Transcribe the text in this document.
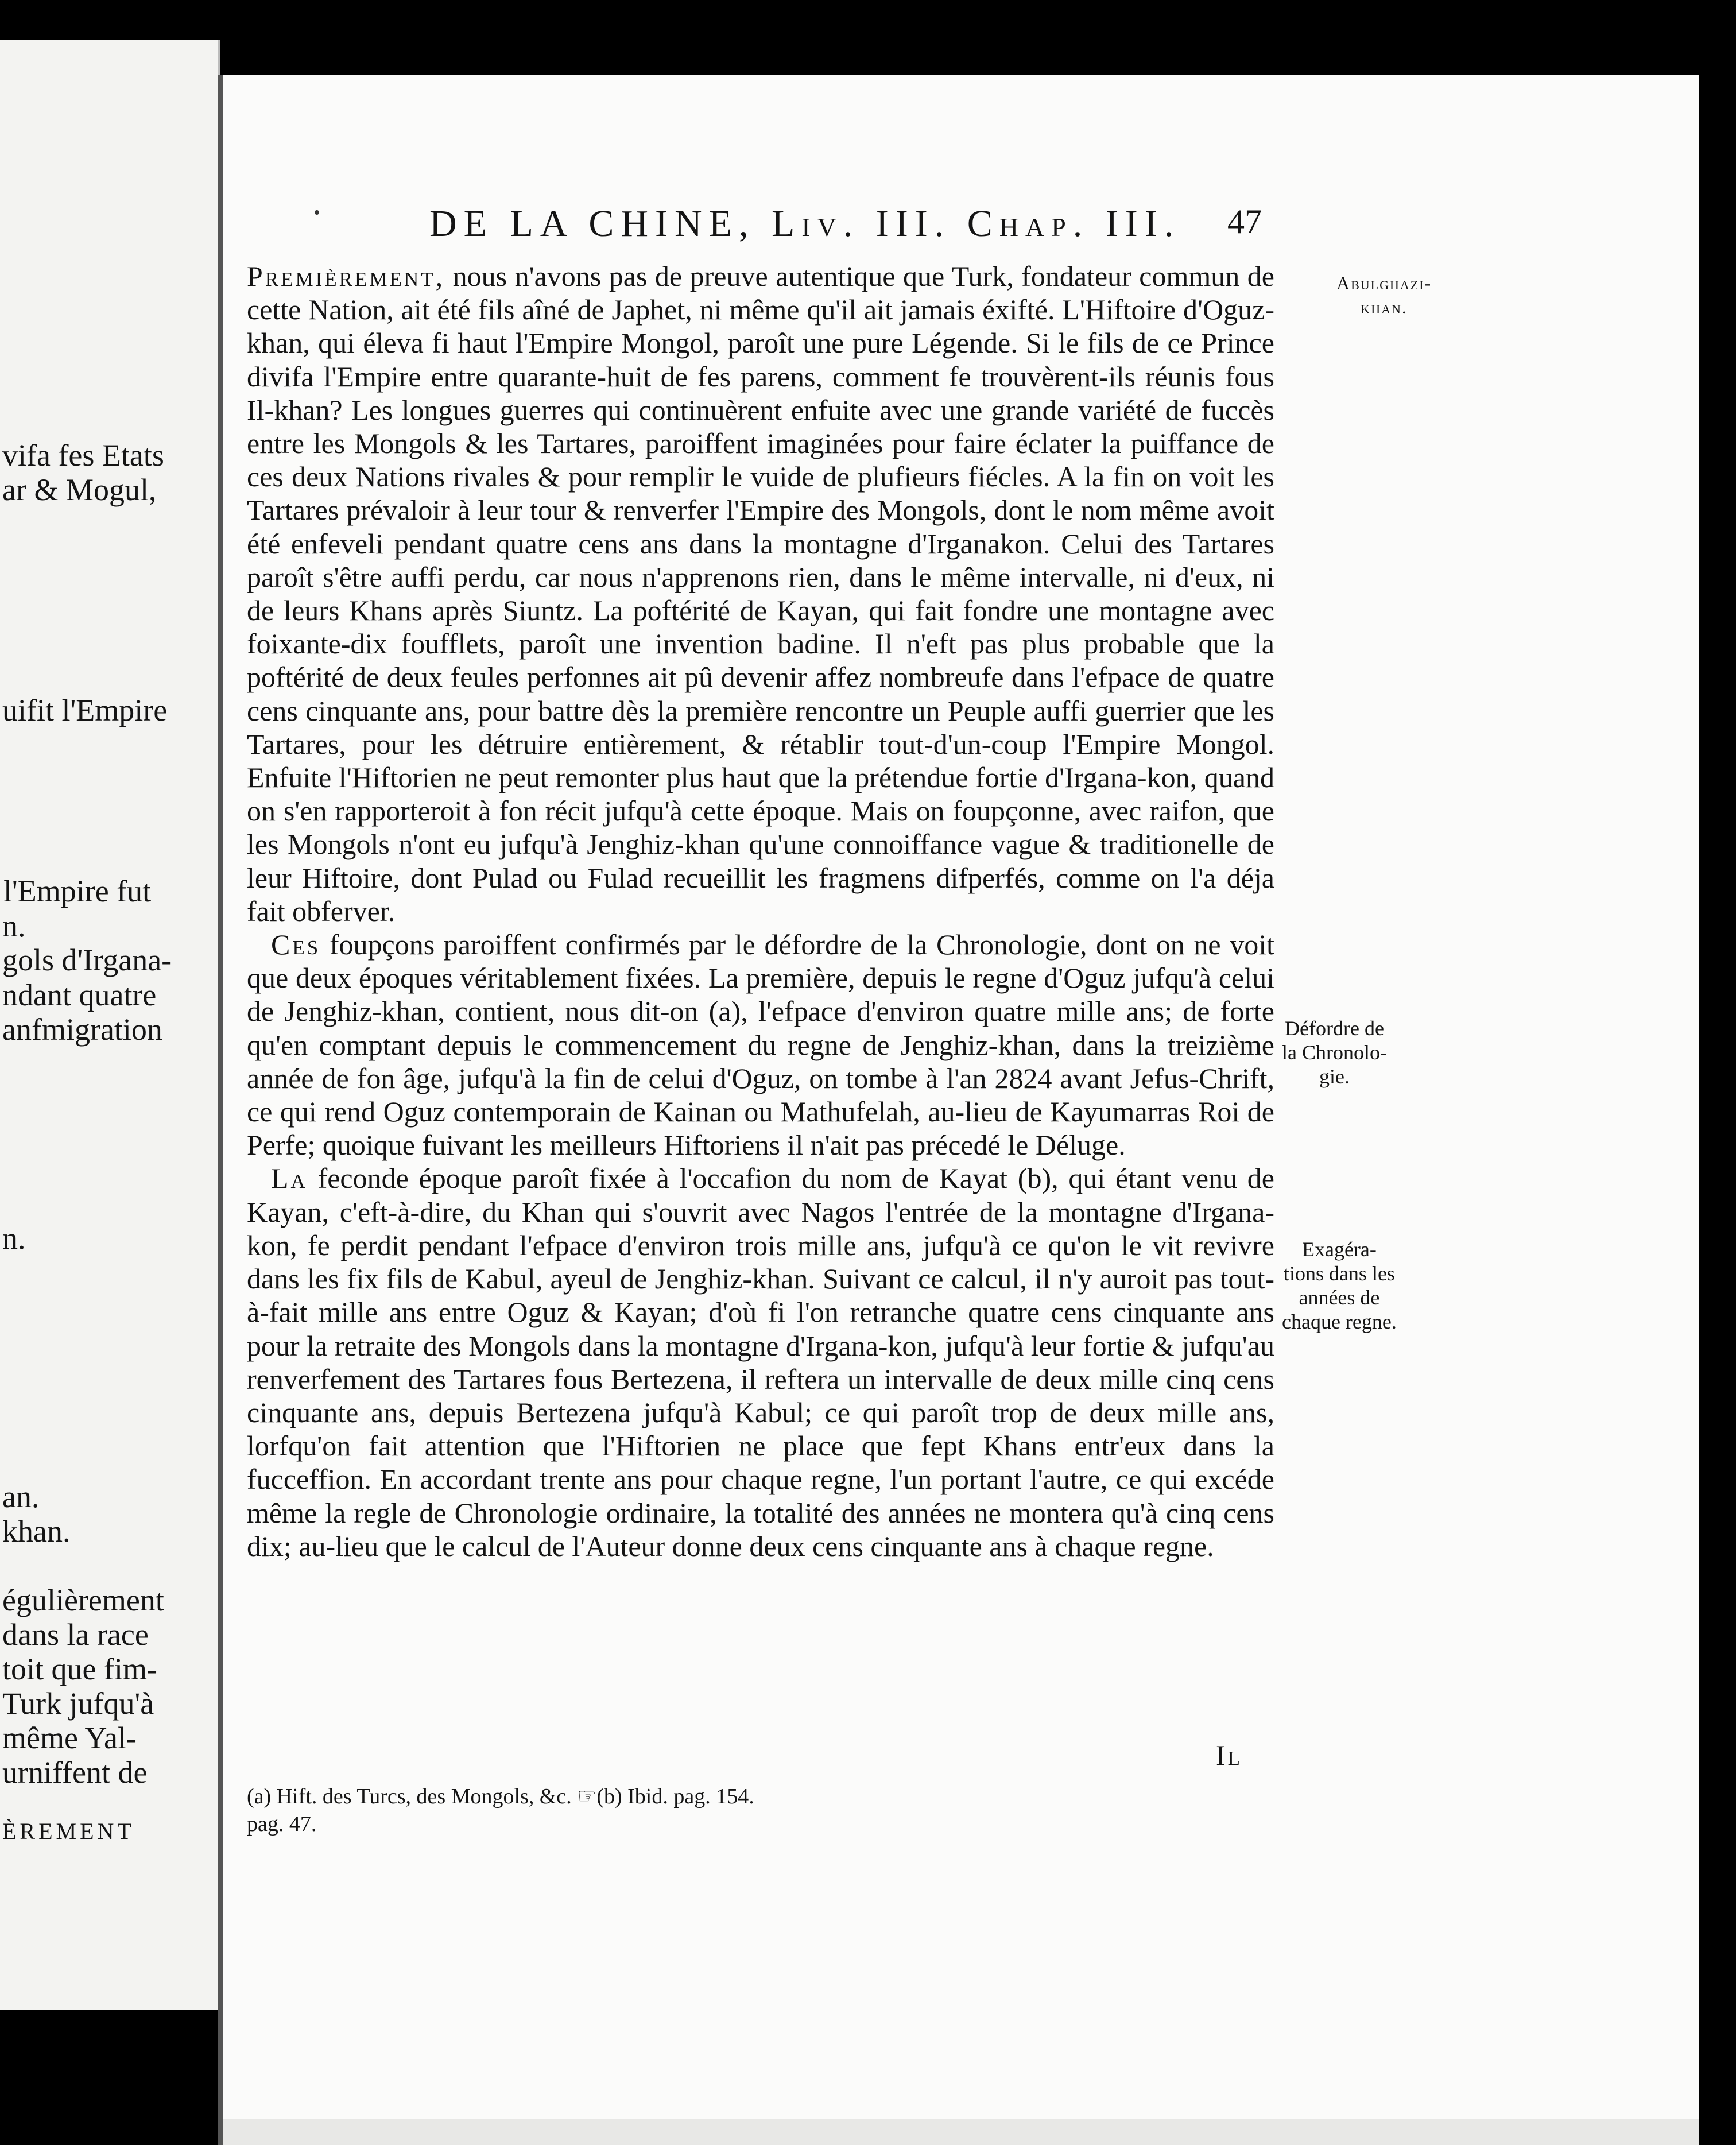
vifa fes Etats
ar & Mogul,
uifit l'Empire
l'Empire fut
n.
gols d'Irgana-
ndant quatre
anfmigration
n.
an.
khan.
égulièrement
dans la race
toit que fim-
Turk jufqu'à
même Yal-
urniffent de
ÈREMENT
DE LA CHINE, Liv. III. Chap. III. 47

Premièrement, nous n'avons pas de preuve autentique que Turk, fondateur commun de cette Nation, ait été fils aîné de Japhet, ni même qu'il ait jamais éxifté. L'Hiftoire d'Oguz-khan, qui éleva fi haut l'Empire Mongol, paroît une pure Légende. Si le fils de ce Prince divifa l'Empire entre quarante-huit de fes parens, comment fe trouvèrent-ils réunis fous Il-khan? Les longues guerres qui continuèrent enfuite avec une grande variété de fuccès entre les Mongols & les Tartares, paroiffent imaginées pour faire éclater la puiffance de ces deux Nations rivales & pour remplir le vuide de plufieurs fiécles. A la fin on voit les Tartares prévaloir à leur tour & renverfer l'Empire des Mongols, dont le nom même avoit été enfeveli pendant quatre cens ans dans la montagne d'Irganakon. Celui des Tartares paroît s'être auffi perdu, car nous n'apprenons rien, dans le même intervalle, ni d'eux, ni de leurs Khans après Siuntz. La poftérité de Kayan, qui fait fondre une montagne avec foixante-dix foufflets, paroît une invention badine. Il n'eft pas plus probable que la poftérité de deux feules perfonnes ait pû devenir affez nombreufe dans l'efpace de quatre cens cinquante ans, pour battre dès la première rencontre un Peuple auffi guerrier que les Tartares, pour les détruire entièrement, & rétablir tout-d'un-coup l'Empire Mongol. Enfuite l'Hiftorien ne peut remonter plus haut que la prétendue fortie d'Irgana-kon, quand on s'en rapporteroit à fon récit jufqu'à cette époque. Mais on foupçonne, avec raifon, que les Mongols n'ont eu jufqu'à Jenghiz-khan qu'une connoiffance vague & traditionelle de leur Hiftoire, dont Pulad ou Fulad recueillit les fragmens difperfés, comme on l'a déja fait obferver.

Ces foupçons paroiffent confirmés par le défordre de la Chronologie, dont on ne voit que deux époques véritablement fixées. La première, depuis le regne d'Oguz jufqu'à celui de Jenghiz-khan, contient, nous dit-on (a), l'efpace d'environ quatre mille ans; de forte qu'en comptant depuis le commencement du regne de Jenghiz-khan, dans la treizième année de fon âge, jufqu'à la fin de celui d'Oguz, on tombe à l'an 2824 avant Jefus-Chrift, ce qui rend Oguz contemporain de Kainan ou Mathufelah, au-lieu de Kayumarras Roi de Perfe; quoique fuivant les meilleurs Hiftoriens il n'ait pas précedé le Déluge.

La feconde époque paroît fixée à l'occafion du nom de Kayat (b), qui étant venu de Kayan, c'eft-à-dire, du Khan qui s'ouvrit avec Nagos l'entrée de la montagne d'Irgana-kon, fe perdit pendant l'efpace d'environ trois mille ans, jufqu'à ce qu'on le vit revivre dans les fix fils de Kabul, ayeul de Jenghiz-khan. Suivant ce calcul, il n'y auroit pas tout-à-fait mille ans entre Oguz & Kayan; d'où fi l'on retranche quatre cens cinquante ans pour la retraite des Mongols dans la montagne d'Irgana-kon, jufqu'à leur fortie & jufqu'au renverfement des Tartares fous Bertezena, il reftera un intervalle de deux mille cinq cens cinquante ans, depuis Bertezena jufqu'à Kabul; ce qui paroît trop de deux mille ans, lorfqu'on fait attention que l'Hiftorien ne place que fept Khans entr'eux dans la fucceffion. En accordant trente ans pour chaque regne, l'un portant l'autre, ce qui excéde même la regle de Chronologie ordinaire, la totalité des années ne montera qu'à cinq cens dix; au-lieu que le calcul de l'Auteur donne deux cens cinquante ans à chaque regne.

Il
(a) Hift. des Turcs, des Mongols, &c. ☞(b) Ibid. pag. 154.
pag. 47.
Abulghazi-
khan.
Défordre de
la Chronolo-
gie.
Exagéra-
tions dans les
années de
chaque regne.
